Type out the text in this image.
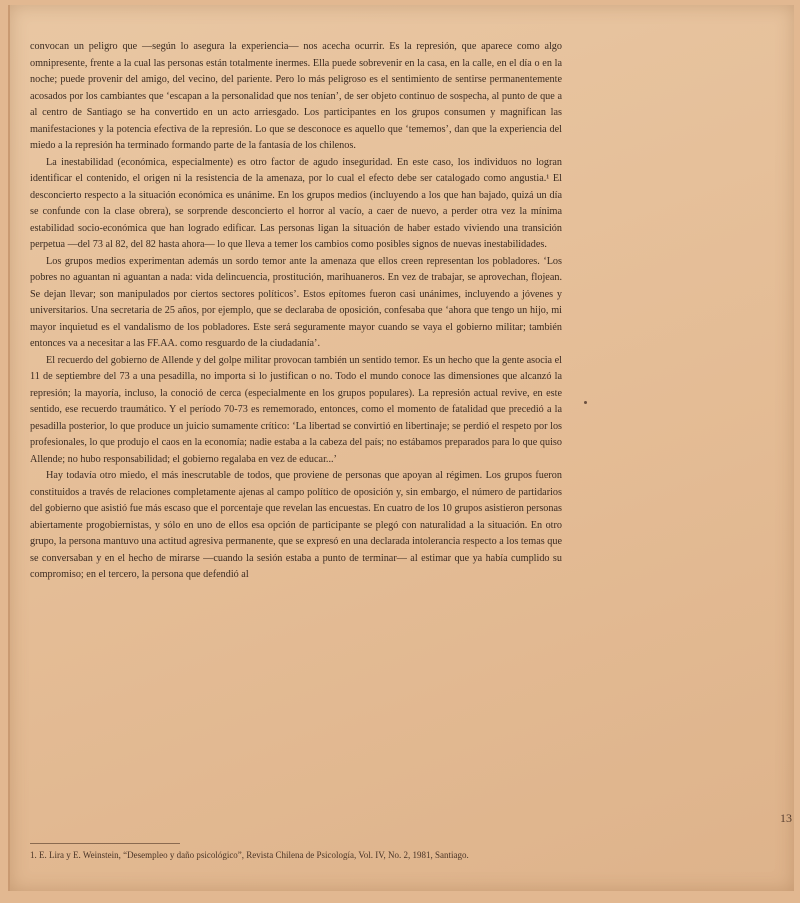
convocan un peligro que —según lo asegura la experiencia— nos acecha ocurrir. Es la represión, que aparece como algo omnipresente, frente a la cual las personas están totalmente inermes. Ella puede sobrevenir en la casa, en la calle, en el día o en la noche; puede provenir del amigo, del vecino, del pariente. Pero lo más peligroso es el sentimiento de sentirse permanentemente acosados por los cambiantes que ‘escapan a la personalidad que nos tenían’, de ser objeto continuo de sospecha, al punto de que a al centro de Santiago se ha convertido en un acto arriesgado. Los participantes en los grupos consumen y magnifican las manifestaciones y la potencia efectiva de la represión. Lo que se desconoce es aquello que ‘tememos’, dan que la experiencia del miedo a la represión ha terminado formando parte de la fantasía de los chilenos.

La inestabilidad (económica, especialmente) es otro factor de agudo inseguridad. En este caso, los individuos no logran identificar el contenido, el origen ni la resistencia de la amenaza, por lo cual el efecto debe ser catalogado como angustia.¹ El desconcierto respecto a la situación económica es unánime. En los grupos medios (incluyendo a los que han bajado, quizá un día se confunde con la clase obrera), se sorprende desconcierto el horror al vacío, a caer de nuevo, a perder otra vez la mínima estabilidad socio-económica que han logrado edificar. Las personas ligan la situación de haber estado viviendo una transición perpetua —del 73 al 82, del 82 hasta ahora— lo que lleva a temer los cambios como posibles signos de nuevas inestabilidades.

Los grupos medios experimentan además un sordo temor ante la amenaza que ellos creen representan los pobladores. ‘Los pobres no aguantan ni aguantan a nada: vida delincuencia, prostitución, marihuaneros. En vez de trabajar, se aprovechan, flojean. Se dejan llevar; son manipulados por ciertos sectores políticos’. Estos epítomes fueron casi unánimes, incluyendo a jóvenes y universitarios. Una secretaria de 25 años, por ejemplo, que se declaraba de oposición, confesaba que ‘ahora que tengo un hijo, mi mayor inquietud es el vandalismo de los pobladores. Este será seguramente mayor cuando se vaya el gobierno militar; también entonces va a necesitar a las FF.AA. como resguardo de la ciudadanía’.

El recuerdo del gobierno de Allende y del golpe militar provocan también un sentido temor. Es un hecho que la gente asocia el 11 de septiembre del 73 a una pesadilla, no importa si lo justifican o no. Todo el mundo conoce las dimensiones que alcanzó la represión; la mayoría, incluso, la conoció de cerca (especialmente en los grupos populares). La represión actual revive, en este sentido, ese recuerdo traumático. Y el período 70-73 es rememorado, entonces, como el momento de fatalidad que precedió a la pesadilla posterior, lo que produce un juicio sumamente crítico: ‘La libertad se convirtió en libertinaje; se perdió el respeto por los profesionales, lo que produjo el caos en la economía; nadie estaba a la cabeza del país; no estábamos preparados para lo que quiso Allende; no hubo responsabilidad; el gobierno regalaba en vez de educar...’

Hay todavía otro miedo, el más inescrutable de todos, que proviene de personas que apoyan al régimen. Los grupos fueron constituidos a través de relaciones completamente ajenas al campo político de oposición y, sin embargo, el número de partidarios del gobierno que asistió fue más escaso que el porcentaje que revelan las encuestas. En cuatro de los 10 grupos asistieron personas abiertamente progobiernistas, y sólo en uno de ellos esa opción de participante se plegó con naturalidad a la situación. En otro grupo, la persona mantuvo una actitud agresiva permanente, que se expresó en una declarada intolerancia respecto a los temas que se conversaban y en el hecho de mirarse —cuando la sesión estaba a punto de terminar— al estimar que ya había cumplido su compromiso; en el tercero, la persona que defendió al

13
1. E. Lira y E. Weinstein, “Desempleo y daño psicológico”, Revista Chilena de Psicología, Vol. IV, No. 2, 1981, Santiago.
